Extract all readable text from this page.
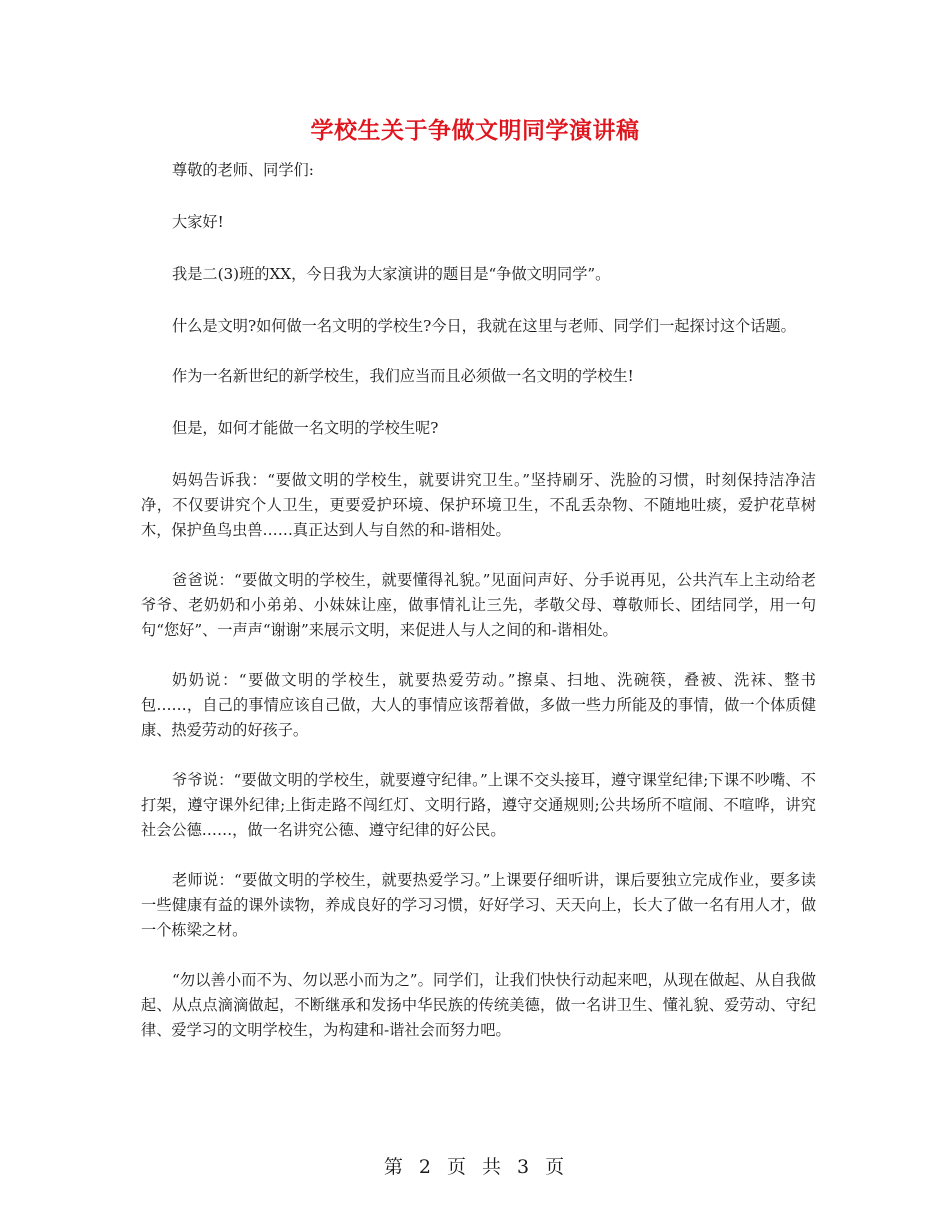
学校生关于争做文明同学演讲稿

尊敬的老师、同学们:

大家好!

我是二(3)班的XX，今日我为大家演讲的题目是“争做文明同学”。

什么是文明?如何做一名文明的学校生?今日，我就在这里与老师、同学们一起探讨这个话题。

作为一名新世纪的新学校生，我们应当而且必须做一名文明的学校生!

但是，如何才能做一名文明的学校生呢?

妈妈告诉我：“要做文明的学校生，就要讲究卫生。”坚持刷牙、洗脸的习惯，时刻保持洁净洁净，不仅要讲究个人卫生，更要爱护环境、保护环境卫生，不乱丢杂物、不随地吐痰，爱护花草树木，保护鱼鸟虫兽……真正达到人与自然的和-谐相处。

爸爸说：“要做文明的学校生，就要懂得礼貌。”见面问声好、分手说再见，公共汽车上主动给老爷爷、老奶奶和小弟弟、小妹妹让座，做事情礼让三先，孝敬父母、尊敬师长、团结同学，用一句句“您好”、一声声“谢谢”来展示文明，来促进人与人之间的和-谐相处。

奶奶说：“要做文明的学校生，就要热爱劳动。”擦桌、扫地、洗碗筷，叠被、洗袜、整书包……，自己的事情应该自己做，大人的事情应该帮着做，多做一些力所能及的事情，做一个体质健康、热爱劳动的好孩子。

爷爷说：“要做文明的学校生，就要遵守纪律。”上课不交头接耳，遵守课堂纪律;下课不吵嘴、不打架，遵守课外纪律;上街走路不闯红灯、文明行路，遵守交通规则;公共场所不喧闹、不喧哗，讲究社会公德……，做一名讲究公德、遵守纪律的好公民。

老师说：“要做文明的学校生，就要热爱学习。”上课要仔细听讲，课后要独立完成作业，要多读一些健康有益的课外读物，养成良好的学习习惯，好好学习、天天向上，长大了做一名有用人才，做一个栋梁之材。

“勿以善小而不为、勿以恶小而为之”。同学们，让我们快快行动起来吧，从现在做起、从自我做起、从点点滴滴做起，不断继承和发扬中华民族的传统美德，做一名讲卫生、懂礼貌、爱劳动、守纪律、爱学习的文明学校生，为构建和-谐社会而努力吧。

第 2 页 共 3 页
